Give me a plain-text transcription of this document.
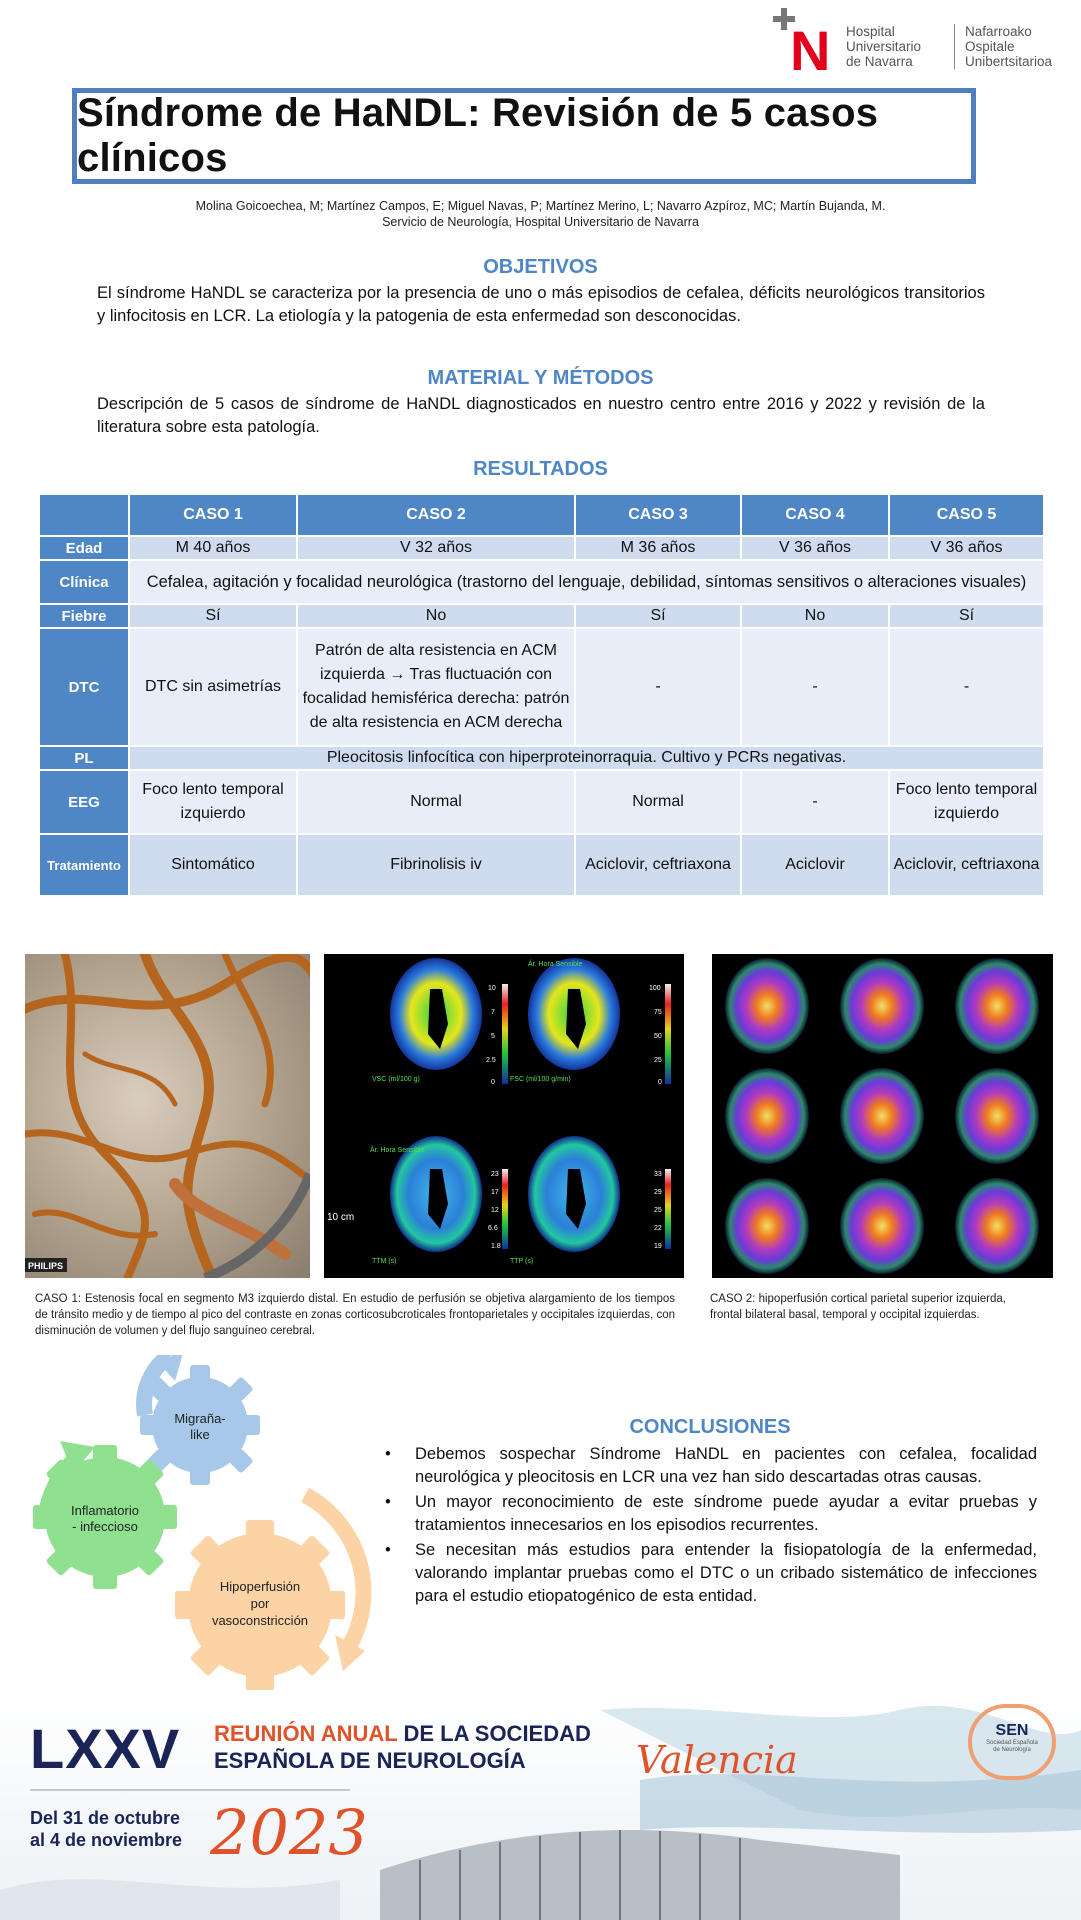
N Hospital
Universitario
de Navarra
Nafarroako
Ospitale
Unibertsitarioa
Síndrome de HaNDL: Revisión de 5 casos clínicos
Molina Goicoechea, M; Martínez Campos, E; Miguel Navas, P; Martínez Merino, L; Navarro Azpíroz, MC; Martín Bujanda, M.
Servicio de Neurología, Hospital Universitario de Navarra
OBJETIVOS
El síndrome HaNDL se caracteriza por la presencia de uno o más episodios de cefalea, déficits neurológicos transitorios y linfocitosis en LCR. La etiología y la patogenia de esta enfermedad son desconocidas.
MATERIAL Y MÉTODOS
Descripción de 5 casos de síndrome de HaNDL diagnosticados en nuestro centro entre 2016 y 2022 y revisión de la literatura sobre esta patología.
RESULTADOS
	CASO 1	CASO 2	CASO 3	CASO 4	CASO 5
Edad	M 40 años	V 32 años	M 36 años	V 36 años	V 36 años
Clínica	Cefalea, agitación y focalidad neurológica (trastorno del lenguaje, debilidad, síntomas sensitivos o alteraciones visuales)				
Fiebre	Sí	No	Sí	No	Sí
DTC	DTC sin asimetrías	Patrón de alta resistencia en ACM izquierda → Tras fluctuación con focalidad hemisférica derecha: patrón de alta resistencia en ACM derecha	-	-	-
PL	Pleocitosis linfocítica con hiperproteinorraquia. Cultivo y PCRs negativas.				
EEG	Foco lento temporal izquierdo	Normal	Normal	-	Foco lento temporal izquierdo
Tratamiento	Sintomático	Fibrinolisis iv	Aciclovir, ceftriaxona	Aciclovir	Aciclovir, ceftriaxona
PHILIPS
10
7
5
2.5
0
100
75
50
25
0
23
17
12
6.6
1.8
33
29
25
22
19
VSC (ml/100 g)	FSC (ml/100 g/min)
TTM (s)	TTP (s)
Ár. Hora Sensible
Ár. Hora Sensible
10 cm
CASO 1: Estenosis focal en segmento M3 izquierdo distal. En estudio de perfusión se objetiva alargamiento de los tiempos de tránsito medio y de tiempo al pico del contraste en zonas corticosubcroticales frontoparietales y occipitales izquierdas, con disminución de volumen y del flujo sanguíneo cerebral.
CASO 2: hipoperfusión cortical parietal superior izquierda, frontal bilateral basal, temporal y occipital izquierdas.
Migraña-
like
Inflamatorio
- infeccioso
Hipoperfusión
por
vasoconstricción
CONCLUSIONES
• Debemos sospechar Síndrome HaNDL en pacientes con cefalea, focalidad neurológica y pleocitosis en LCR una vez han sido descartadas otras causas.
• Un mayor reconocimiento de este síndrome puede ayudar a evitar pruebas y tratamientos innecesarios en los episodios recurrentes.
• Se necesitan más estudios para entender la fisiopatología de la enfermedad, valorando implantar pruebas como el DTC o un cribado sistemático de infecciones para el estudio etiopatogénico de esta entidad.
LXXV REUNIÓN ANUAL DE LA SOCIEDAD
ESPAÑOLA DE NEUROLOGÍA	Valencia
Del 31 de octubre
al 4 de noviembre 2023
SEN
Sociedad Española
de Neurología
